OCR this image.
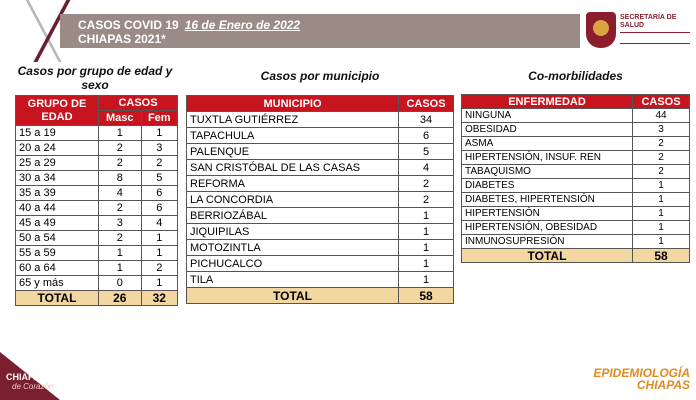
CASOS COVID 19 16 de Enero de 2022
CHIAPAS 2021*
SECRETARÍA DE SALUD
Casos por grupo de edad y sexo
Casos por municipio	Co-morbilidades
GRUPO DE EDAD	CASOS	
	Masc	Fem
15 a 19	1	1
20 a 24	2	3
25 a 29	2	2
30 a 34	8	5
35 a 39	4	6
40 a 44	2	6
45 a 49	3	4
50 a 54	2	1
55 a 59	1	1
60 a 64	1	2
65 y más	0	1
TOTAL	26	32
MUNICIPIO	CASOS
TUXTLA GUTIÉRREZ	34
TAPACHULA	6
PALENQUE	5
SAN CRISTÓBAL DE LAS CASAS	4
REFORMA	2
LA CONCORDIA	2
BERRIOZÁBAL	1
JIQUIPILAS	1
MOTOZINTLA	1
PICHUCALCO	1
TILA	1
TOTAL	58
ENFERMEDAD	CASOS
NINGUNA	44
OBESIDAD	3
ASMA	2
HIPERTENSIÓN, INSUF. REN	2
TABAQUISMO	2
DIABETES	1
DIABETES, HIPERTENSIÓN	1
HIPERTENSIÓN	1
HIPERTENSIÓN, OBESIDAD	1
INMUNOSUPRESIÓN	1
TOTAL	58
CHIAPAS
de Corazón
EPIDEMIOLOGÍA
CHIAPAS
